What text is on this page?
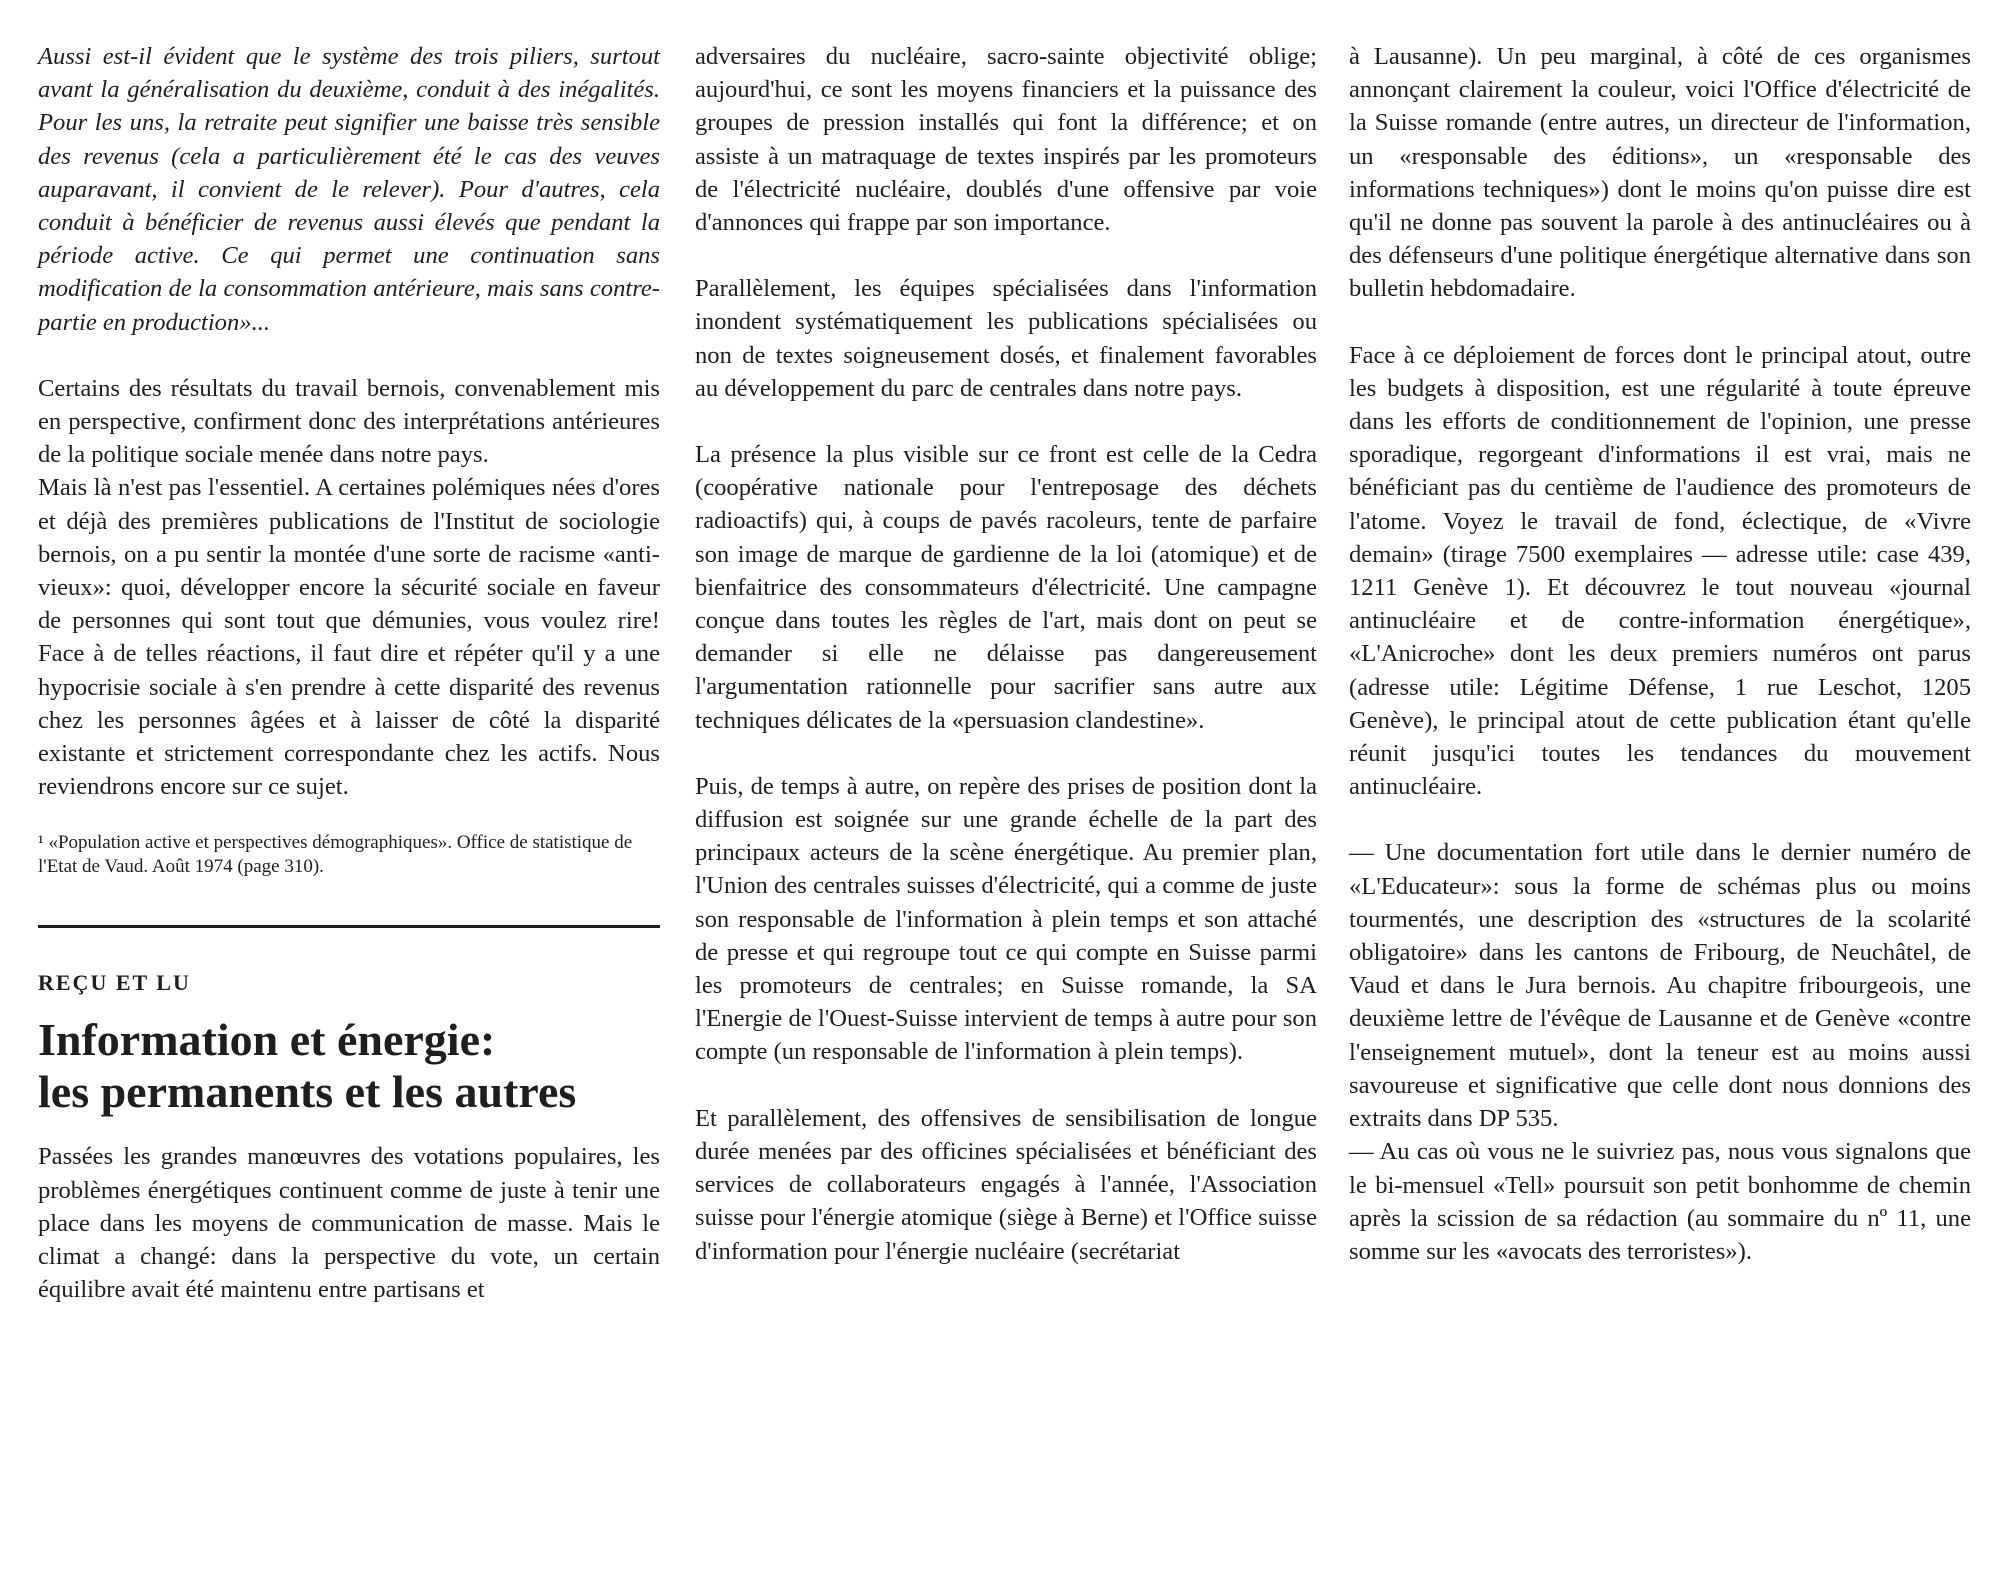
Aussi est-il évident que le système des trois piliers, surtout avant la généralisation du deuxième, conduit à des inégalités. Pour les uns, la retraite peut signifier une baisse très sensible des revenus (cela a particulièrement été le cas des veuves auparavant, il convient de le relever). Pour d'autres, cela conduit à bénéficier de revenus aussi élevés que pendant la période active. Ce qui permet une continuation sans modification de la consommation antérieure, mais sans contre-partie en production»...

Certains des résultats du travail bernois, convenablement mis en perspective, confirment donc des interprétations antérieures de la politique sociale menée dans notre pays.

Mais là n'est pas l'essentiel. A certaines polémiques nées d'ores et déjà des premières publications de l'Institut de sociologie bernois, on a pu sentir la montée d'une sorte de racisme «anti-vieux»: quoi, développer encore la sécurité sociale en faveur de personnes qui sont tout que démunies, vous voulez rire! Face à de telles réactions, il faut dire et répéter qu'il y a une hypocrisie sociale à s'en prendre à cette disparité des revenus chez les personnes âgées et à laisser de côté la disparité existante et strictement correspondante chez les actifs. Nous reviendrons encore sur ce sujet.

¹ «Population active et perspectives démographiques». Office de statistique de l'Etat de Vaud. Août 1974 (page 310).

REÇU ET LU
Information et énergie:
les permanents et les autres

Passées les grandes manœuvres des votations populaires, les problèmes énergétiques continuent comme de juste à tenir une place dans les moyens de communication de masse. Mais le climat a changé: dans la perspective du vote, un certain équilibre avait été maintenu entre partisans et

adversaires du nucléaire, sacro-sainte objectivité oblige; aujourd'hui, ce sont les moyens financiers et la puissance des groupes de pression installés qui font la différence; et on assiste à un matraquage de textes inspirés par les promoteurs de l'électricité nucléaire, doublés d'une offensive par voie d'annonces qui frappe par son importance.

Parallèlement, les équipes spécialisées dans l'information inondent systématiquement les publications spécialisées ou non de textes soigneusement dosés, et finalement favorables au développement du parc de centrales dans notre pays.

La présence la plus visible sur ce front est celle de la Cedra (coopérative nationale pour l'entreposage des déchets radioactifs) qui, à coups de pavés racoleurs, tente de parfaire son image de marque de gardienne de la loi (atomique) et de bienfaitrice des consommateurs d'électricité. Une campagne conçue dans toutes les règles de l'art, mais dont on peut se demander si elle ne délaisse pas dangereusement l'argumentation rationnelle pour sacrifier sans autre aux techniques délicates de la «persuasion clandestine».

Puis, de temps à autre, on repère des prises de position dont la diffusion est soignée sur une grande échelle de la part des principaux acteurs de la scène énergétique. Au premier plan, l'Union des centrales suisses d'électricité, qui a comme de juste son responsable de l'information à plein temps et son attaché de presse et qui regroupe tout ce qui compte en Suisse parmi les promoteurs de centrales; en Suisse romande, la SA l'Energie de l'Ouest-Suisse intervient de temps à autre pour son compte (un responsable de l'information à plein temps).

Et parallèlement, des offensives de sensibilisation de longue durée menées par des officines spécialisées et bénéficiant des services de collaborateurs engagés à l'année, l'Association suisse pour l'énergie atomique (siège à Berne) et l'Office suisse d'information pour l'énergie nucléaire (secrétariat

à Lausanne). Un peu marginal, à côté de ces organismes annonçant clairement la couleur, voici l'Office d'électricité de la Suisse romande (entre autres, un directeur de l'information, un «responsable des éditions», un «responsable des informations techniques») dont le moins qu'on puisse dire est qu'il ne donne pas souvent la parole à des antinucléaires ou à des défenseurs d'une politique énergétique alternative dans son bulletin hebdomadaire.

Face à ce déploiement de forces dont le principal atout, outre les budgets à disposition, est une régularité à toute épreuve dans les efforts de conditionnement de l'opinion, une presse sporadique, regorgeant d'informations il est vrai, mais ne bénéficiant pas du centième de l'audience des promoteurs de l'atome. Voyez le travail de fond, éclectique, de «Vivre demain» (tirage 7500 exemplaires — adresse utile: case 439, 1211 Genève 1). Et découvrez le tout nouveau «journal antinucléaire et de contre-information énergétique», «L'Anicroche» dont les deux premiers numéros ont parus (adresse utile: Légitime Défense, 1 rue Leschot, 1205 Genève), le principal atout de cette publication étant qu'elle réunit jusqu'ici toutes les tendances du mouvement antinucléaire.

— Une documentation fort utile dans le dernier numéro de «L'Educateur»: sous la forme de schémas plus ou moins tourmentés, une description des «structures de la scolarité obligatoire» dans les cantons de Fribourg, de Neuchâtel, de Vaud et dans le Jura bernois. Au chapitre fribourgeois, une deuxième lettre de l'évêque de Lausanne et de Genève «contre l'enseignement mutuel», dont la teneur est au moins aussi savoureuse et significative que celle dont nous donnions des extraits dans DP 535.

— Au cas où vous ne le suivriez pas, nous vous signalons que le bi-mensuel «Tell» poursuit son petit bonhomme de chemin après la scission de sa rédaction (au sommaire du nº 11, une somme sur les «avocats des terroristes»).
